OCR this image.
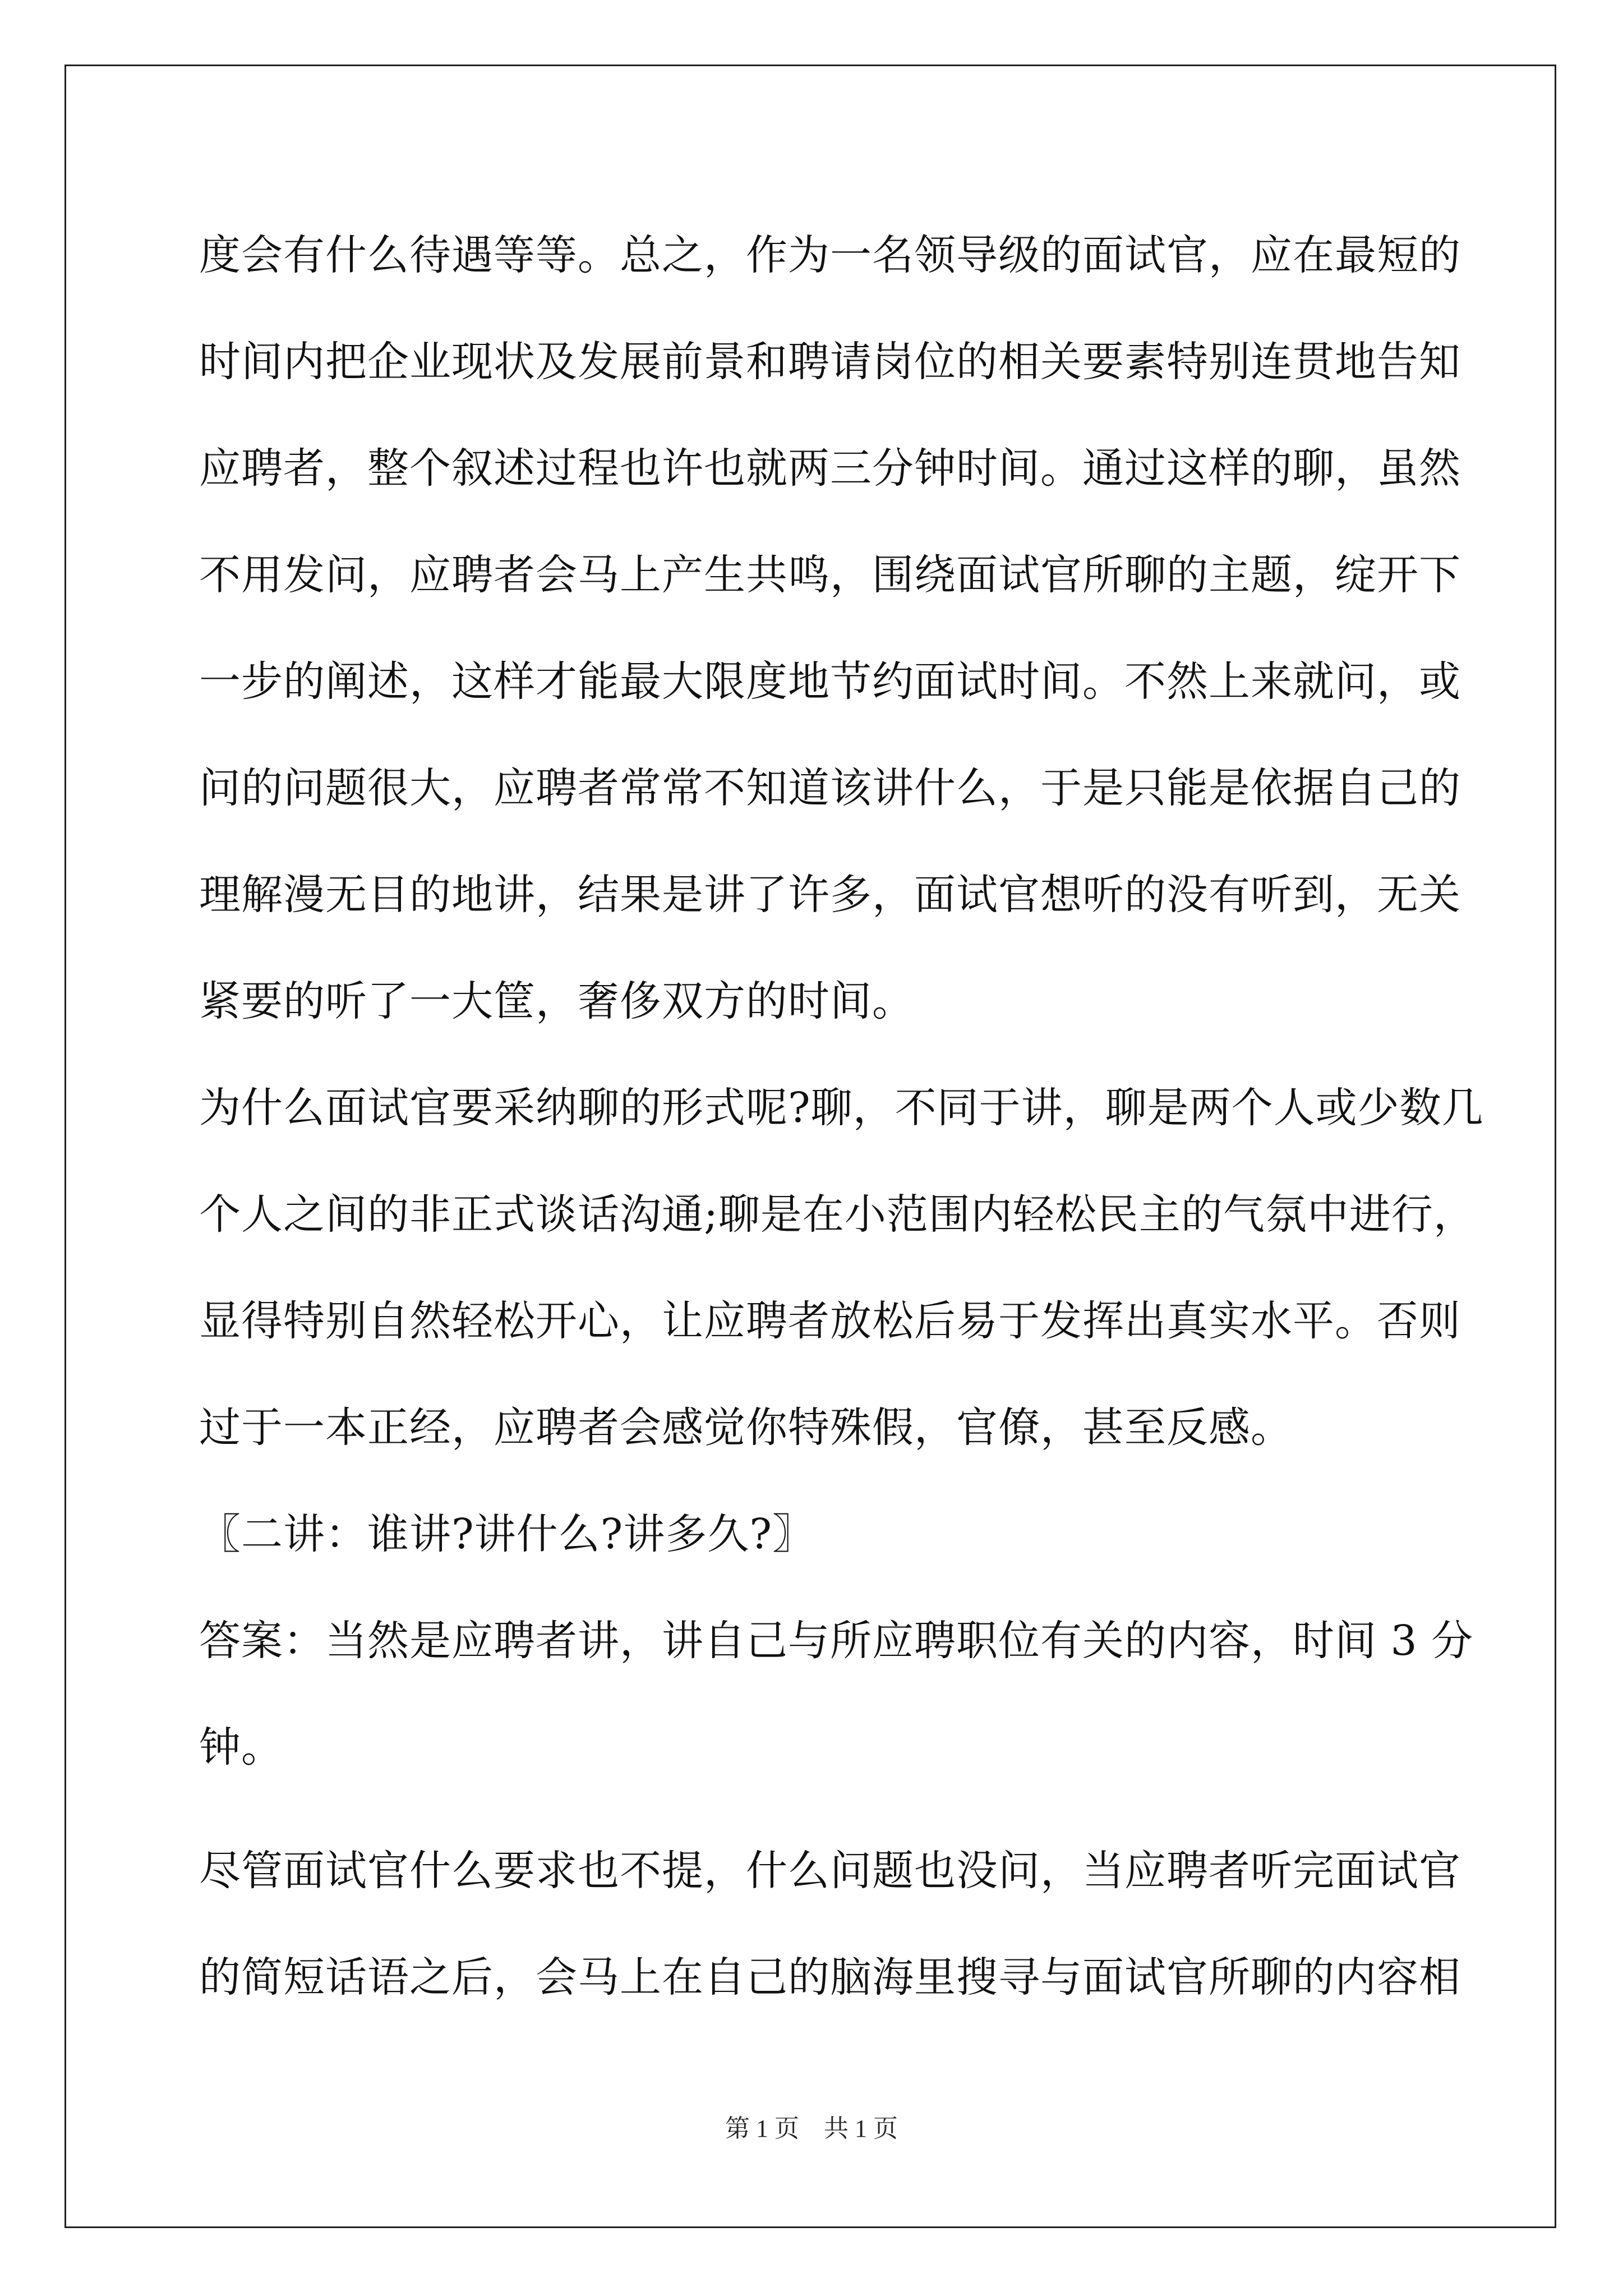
度会有什么待遇等等。总之，作为一名领导级的面试官，应在最短的
时间内把企业现状及发展前景和聘请岗位的相关要素特别连贯地告知
应聘者，整个叙述过程也许也就两三分钟时间。通过这样的聊，虽然
不用发问，应聘者会马上产生共鸣，围绕面试官所聊的主题，绽开下
一步的阐述，这样才能最大限度地节约面试时间。不然上来就问，或
问的问题很大，应聘者常常不知道该讲什么，于是只能是依据自己的
理解漫无目的地讲，结果是讲了许多，面试官想听的没有听到，无关
紧要的听了一大筐，奢侈双方的时间。
为什么面试官要采纳聊的形式呢?聊，不同于讲，聊是两个人或少数几
个人之间的非正式谈话沟通;聊是在小范围内轻松民主的气氛中进行，
显得特别自然轻松开心，让应聘者放松后易于发挥出真实水平。否则
过于一本正经，应聘者会感觉你特殊假，官僚，甚至反感。
〖二讲：谁讲?讲什么?讲多久?〗
答案：当然是应聘者讲，讲自己与所应聘职位有关的内容，时间 3 分
钟。
尽管面试官什么要求也不提，什么问题也没问，当应聘者听完面试官
的简短话语之后，会马上在自己的脑海里搜寻与面试官所聊的内容相
第 1 页　共 1 页
